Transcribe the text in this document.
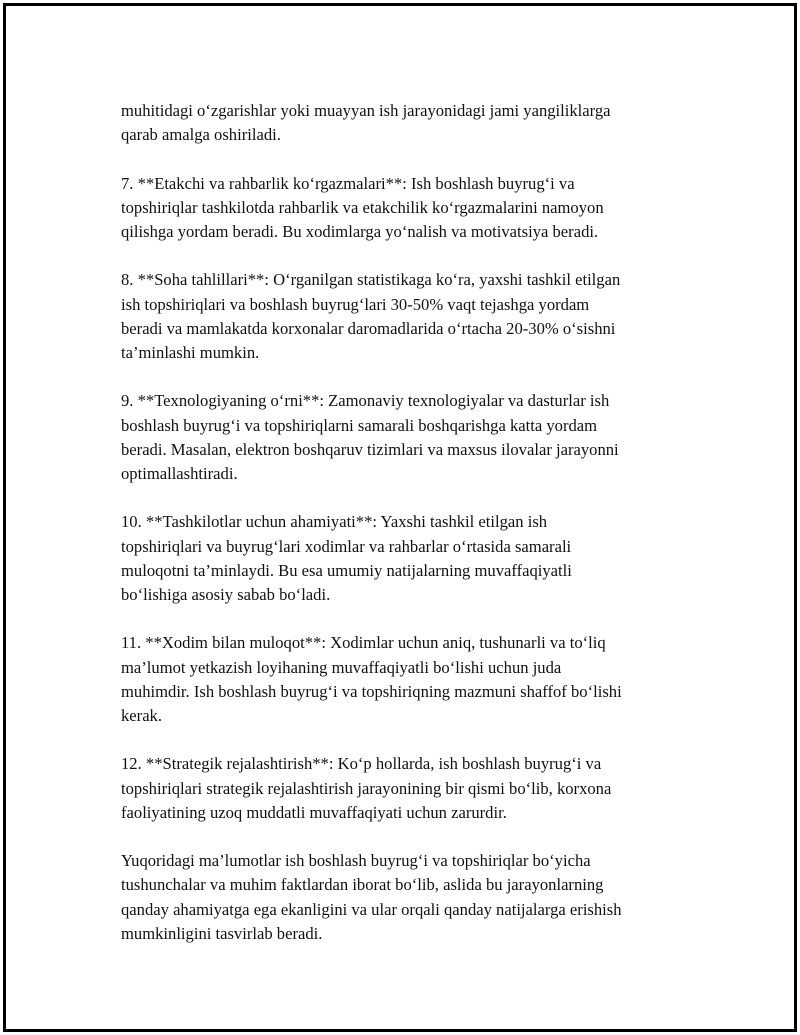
muhitidagi o‘zgarishlar yoki muayyan ish jarayonidagi jami yangiliklarga
qarab amalga oshiriladi.

7. **Etakchi va rahbarlik ko‘rgazmalari**: Ish boshlash buyrug‘i va
topshiriqlar tashkilotda rahbarlik va etakchilik ko‘rgazmalarini namoyon
qilishga yordam beradi. Bu xodimlarga yo‘nalish va motivatsiya beradi.

8. **Soha tahlillari**: O‘rganilgan statistikaga ko‘ra, yaxshi tashkil etilgan
ish topshiriqlari va boshlash buyrug‘lari 30-50% vaqt tejashga yordam
beradi va mamlakatda korxonalar daromadlarida o‘rtacha 20-30% o‘sishni
ta’minlashi mumkin.

9. **Texnologiyaning o‘rni**: Zamonaviy texnologiyalar va dasturlar ish
boshlash buyrug‘i va topshiriqlarni samarali boshqarishga katta yordam
beradi. Masalan, elektron boshqaruv tizimlari va maxsus ilovalar jarayonni
optimallashtiradi.

10. **Tashkilotlar uchun ahamiyati**: Yaxshi tashkil etilgan ish
topshiriqlari va buyrug‘lari xodimlar va rahbarlar o‘rtasida samarali
muloqotni ta’minlaydi. Bu esa umumiy natijalarning muvaffaqiyatli
bo‘lishiga asosiy sabab bo‘ladi.

11. **Xodim bilan muloqot**: Xodimlar uchun aniq, tushunarli va to‘liq
ma’lumot yetkazish loyihaning muvaffaqiyatli bo‘lishi uchun juda
muhimdir. Ish boshlash buyrug‘i va topshiriqning mazmuni shaffof bo‘lishi
kerak.

12. **Strategik rejalashtirish**: Ko‘p hollarda, ish boshlash buyrug‘i va
topshiriqlari strategik rejalashtirish jarayonining bir qismi bo‘lib, korxona
faoliyatining uzoq muddatli muvaffaqiyati uchun zarurdir.

Yuqoridagi ma’lumotlar ish boshlash buyrug‘i va topshiriqlar bo‘yicha
tushunchalar va muhim faktlardan iborat bo‘lib, aslida bu jarayonlarning
qanday ahamiyatga ega ekanligini va ular orqali qanday natijalarga erishish
mumkinligini tasvirlab beradi.
